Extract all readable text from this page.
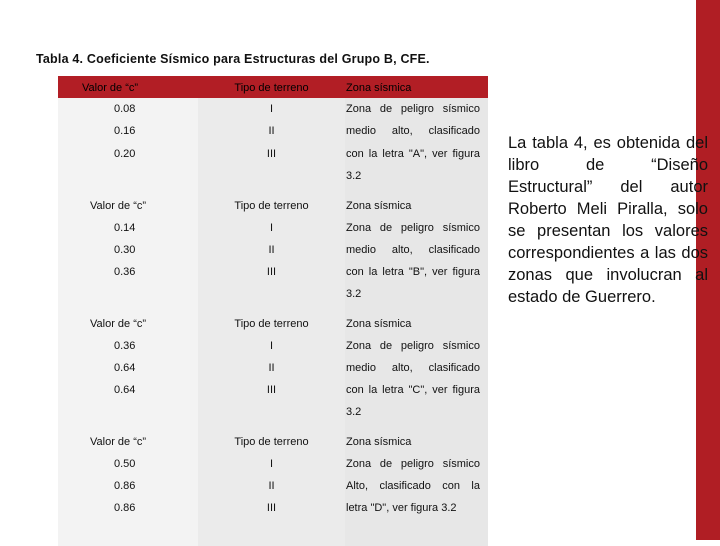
Tabla 4. Coeficiente Sísmico para Estructuras del Grupo B, CFE.
Valor de “c”	Tipo de terreno	Zona sísmica
0.08	I	Zona de peligro sísmico
0.16	II	medio alto, clasificado
0.20	III	con la letra "A", ver figura
3.2
Valor de “c”	Tipo de terreno	Zona sísmica
0.14	I	Zona de peligro sísmico
0.30	II	medio alto, clasificado
0.36	III	con la letra "B", ver figura
3.2
Valor de “c”	Tipo de terreno	Zona sísmica
0.36	I	Zona de peligro sísmico
0.64	II	medio alto, clasificado
0.64	III	con la letra "C", ver figura
3.2
Valor de “c”	Tipo de terreno	Zona sísmica
0.50	I	Zona de peligro sísmico
0.86	II	Alto, clasificado con la
0.86	III	letra "D", ver figura 3.2
La tabla 4, es obtenida del libro de “Diseño Estructural” del autor Roberto Meli Piralla, solo se presentan los valores correspondientes a las dos zonas que involucran al estado de Guerrero.
